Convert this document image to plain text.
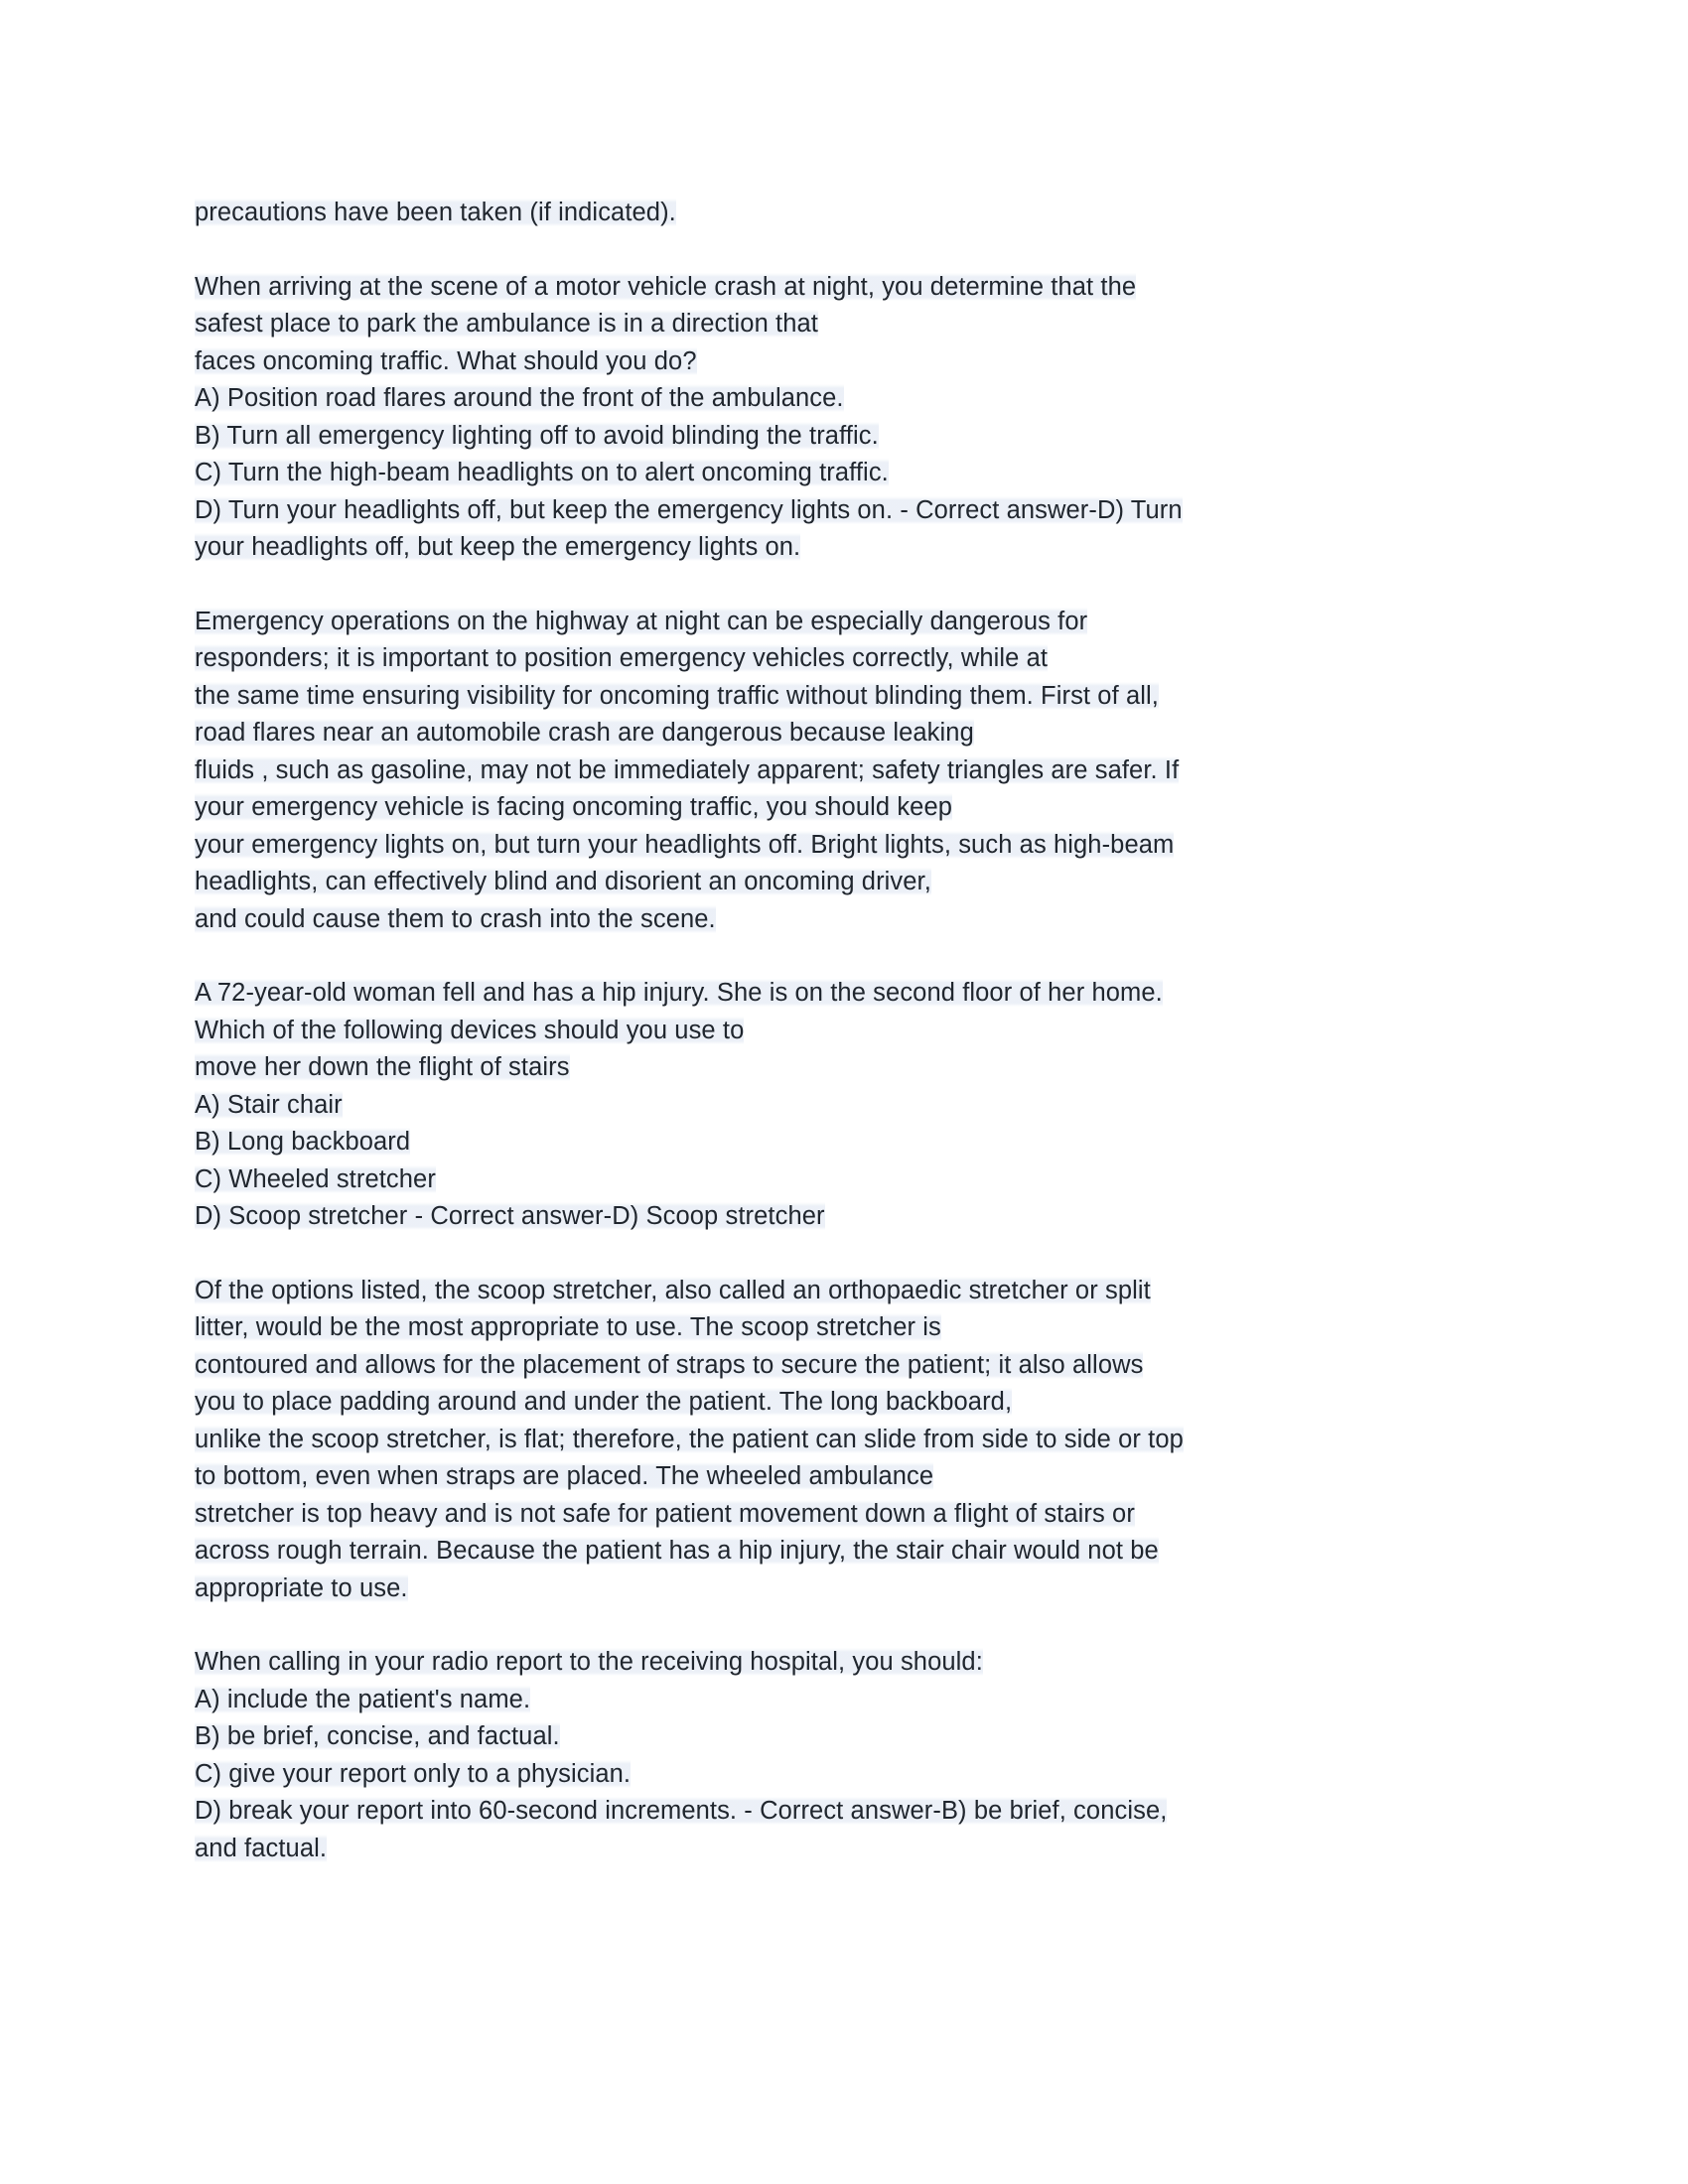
precautions have been taken (if indicated).
When arriving at the scene of a motor vehicle crash at night, you determine that the
safest place to park the ambulance is in a direction that
faces oncoming traffic. What should you do?
A) Position road flares around the front of the ambulance.
B) Turn all emergency lighting off to avoid blinding the traffic.
C) Turn the high-beam headlights on to alert oncoming traffic.
D) Turn your headlights off, but keep the emergency lights on. - Correct answer-D) Turn
your headlights off, but keep the emergency lights on.
Emergency operations on the highway at night can be especially dangerous for
responders; it is important to position emergency vehicles correctly, while at
the same time ensuring visibility for oncoming traffic without blinding them. First of all,
road flares near an automobile crash are dangerous because leaking
fluids , such as gasoline, may not be immediately apparent; safety triangles are safer. If
your emergency vehicle is facing oncoming traffic, you should keep
your emergency lights on, but turn your headlights off. Bright lights, such as high-beam
headlights, can effectively blind and disorient an oncoming driver,
and could cause them to crash into the scene.
A 72-year-old woman fell and has a hip injury. She is on the second floor of her home.
Which of the following devices should you use to
move her down the flight of stairs
A) Stair chair
B) Long backboard
C) Wheeled stretcher
D) Scoop stretcher - Correct answer-D) Scoop stretcher
Of the options listed, the scoop stretcher, also called an orthopaedic stretcher or split
litter, would be the most appropriate to use. The scoop stretcher is
contoured and allows for the placement of straps to secure the patient; it also allows
you to place padding around and under the patient. The long backboard,
unlike the scoop stretcher, is flat; therefore, the patient can slide from side to side or top
to bottom, even when straps are placed. The wheeled ambulance
stretcher is top heavy and is not safe for patient movement down a flight of stairs or
across rough terrain. Because the patient has a hip injury, the stair chair would not be
appropriate to use.
When calling in your radio report to the receiving hospital, you should:
A) include the patient's name.
B) be brief, concise, and factual.
C) give your report only to a physician.
D) break your report into 60-second increments. - Correct answer-B) be brief, concise,
and factual.
